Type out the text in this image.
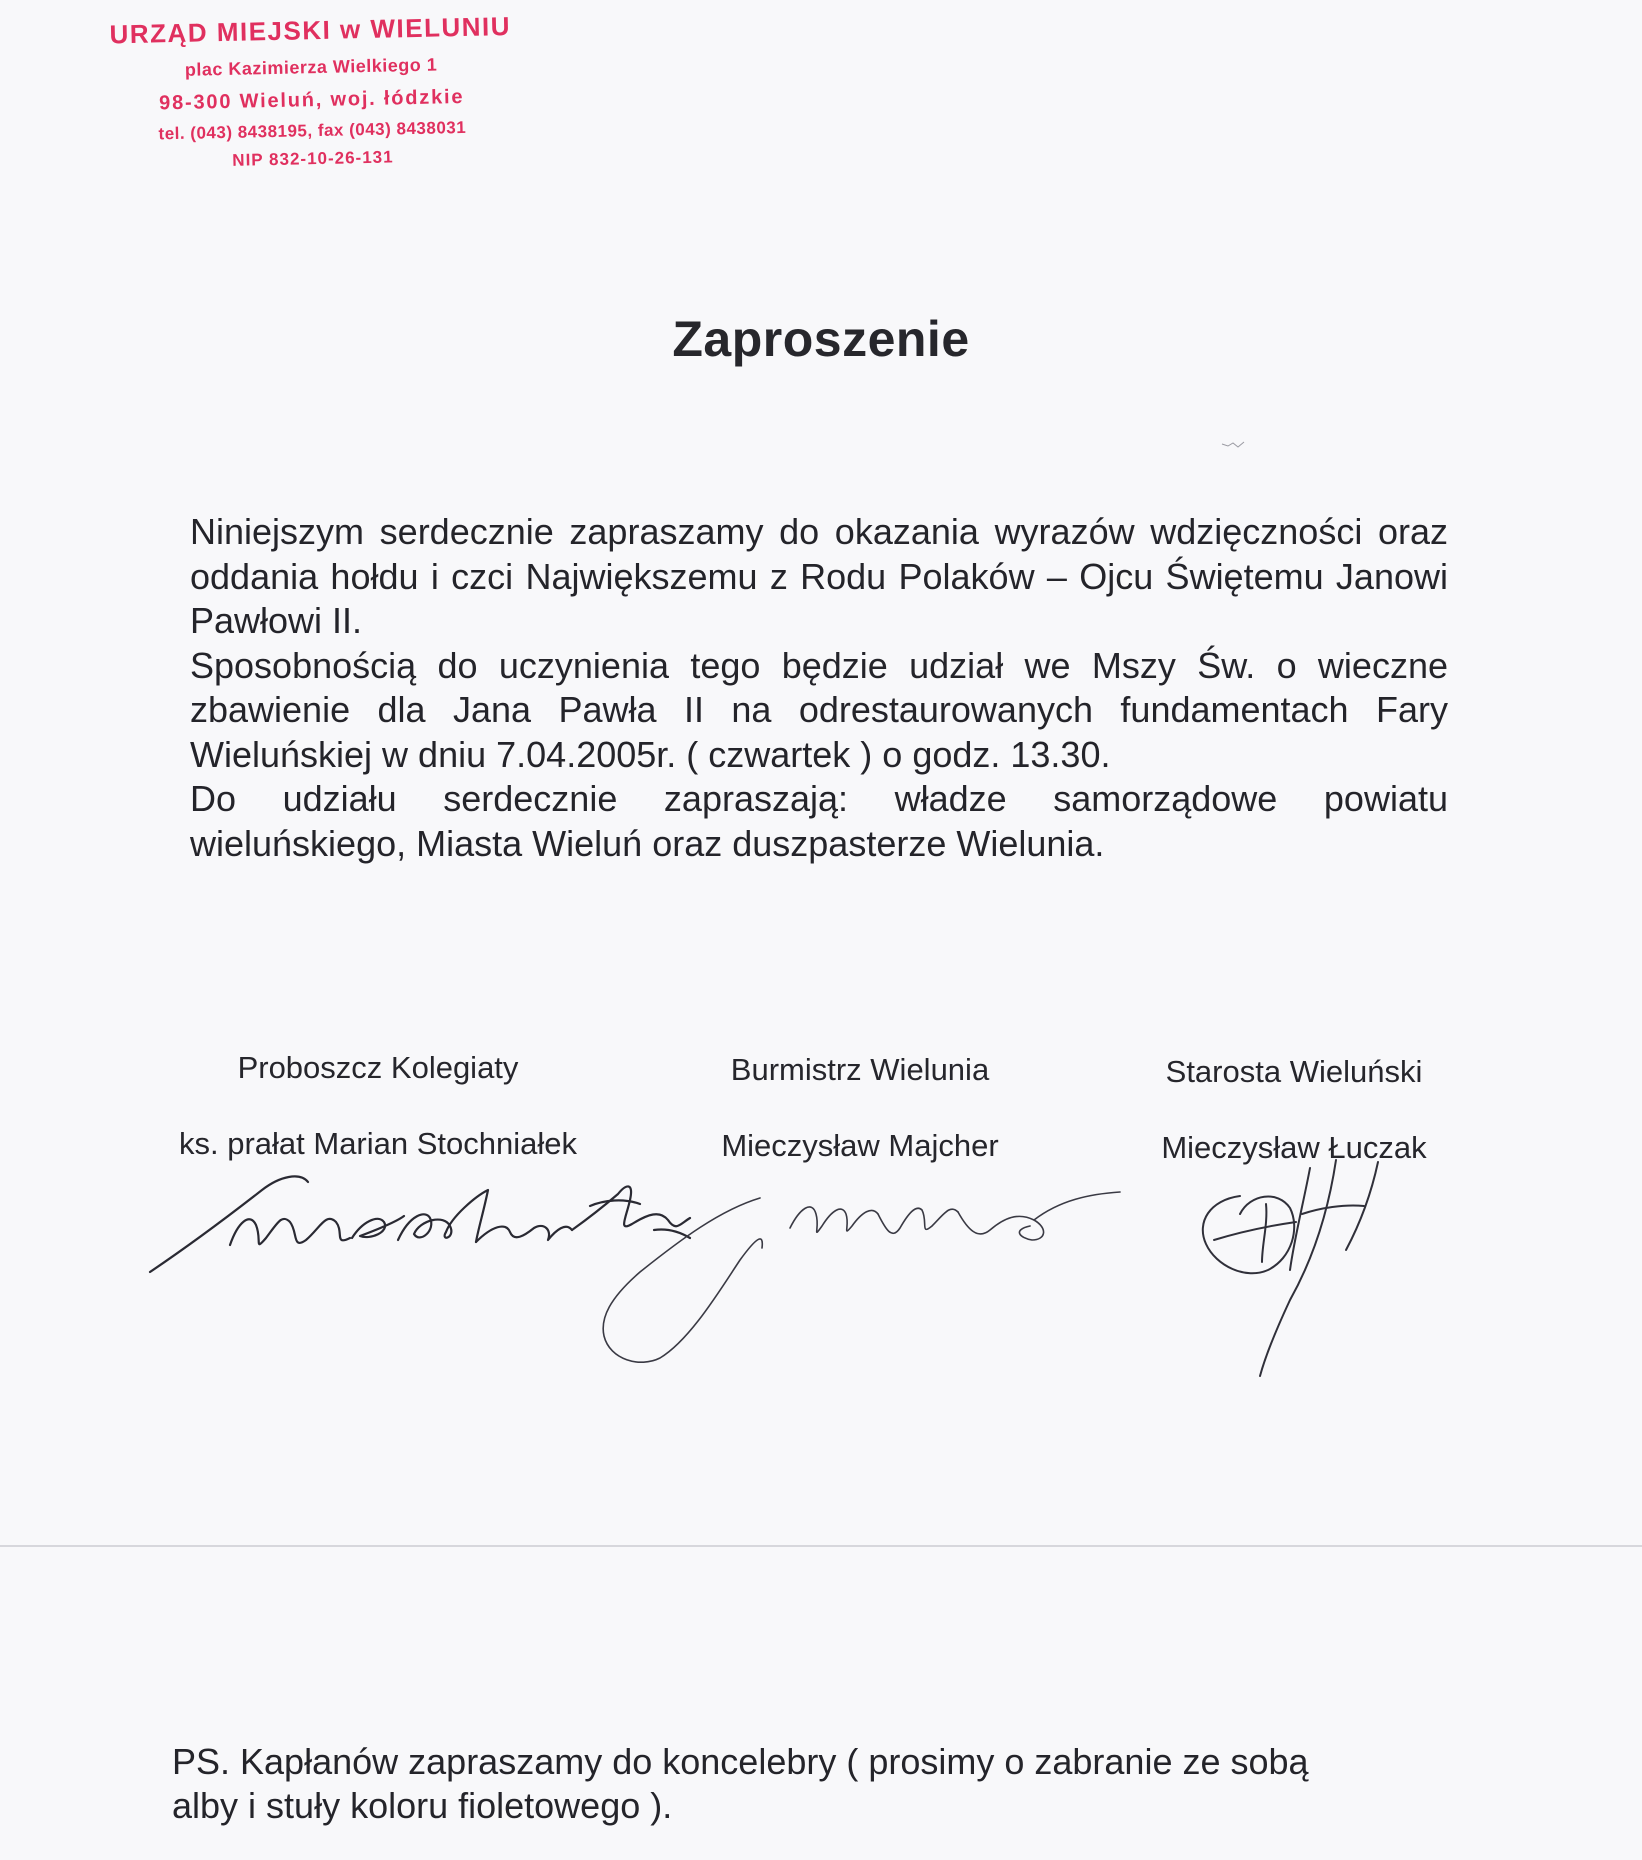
URZĄD MIEJSKI w WIELUNIU
plac Kazimierza Wielkiego 1
98-300 Wieluń, woj. łódzkie
tel. (043) 8438195, fax (043) 8438031
NIP 832-10-26-131
Zaproszenie

Niniejszym serdecznie zapraszamy do okazania wyrazów wdzięczności oraz oddania hołdu i czci Największemu z Rodu Polaków – Ojcu Świętemu Janowi Pawłowi II.

Sposobnością do uczynienia tego będzie udział we Mszy Św. o wieczne zbawienie dla Jana Pawła II na odrestaurowanych fundamentach Fary Wieluńskiej w dniu 7.04.2005r. ( czwartek ) o godz. 13.30.

Do udziału serdecznie zapraszają: władze samorządowe powiatu wieluńskiego, Miasta Wieluń oraz duszpasterze Wielunia.

Proboszcz Kolegiaty
ks. prałat Marian Stochniałek
Burmistrz Wielunia
Mieczysław Majcher
Starosta Wieluński
Mieczysław Łuczak

PS. Kapłanów zapraszamy do koncelebry ( prosimy o zabranie ze sobą

alby i stuły koloru fioletowego ).
